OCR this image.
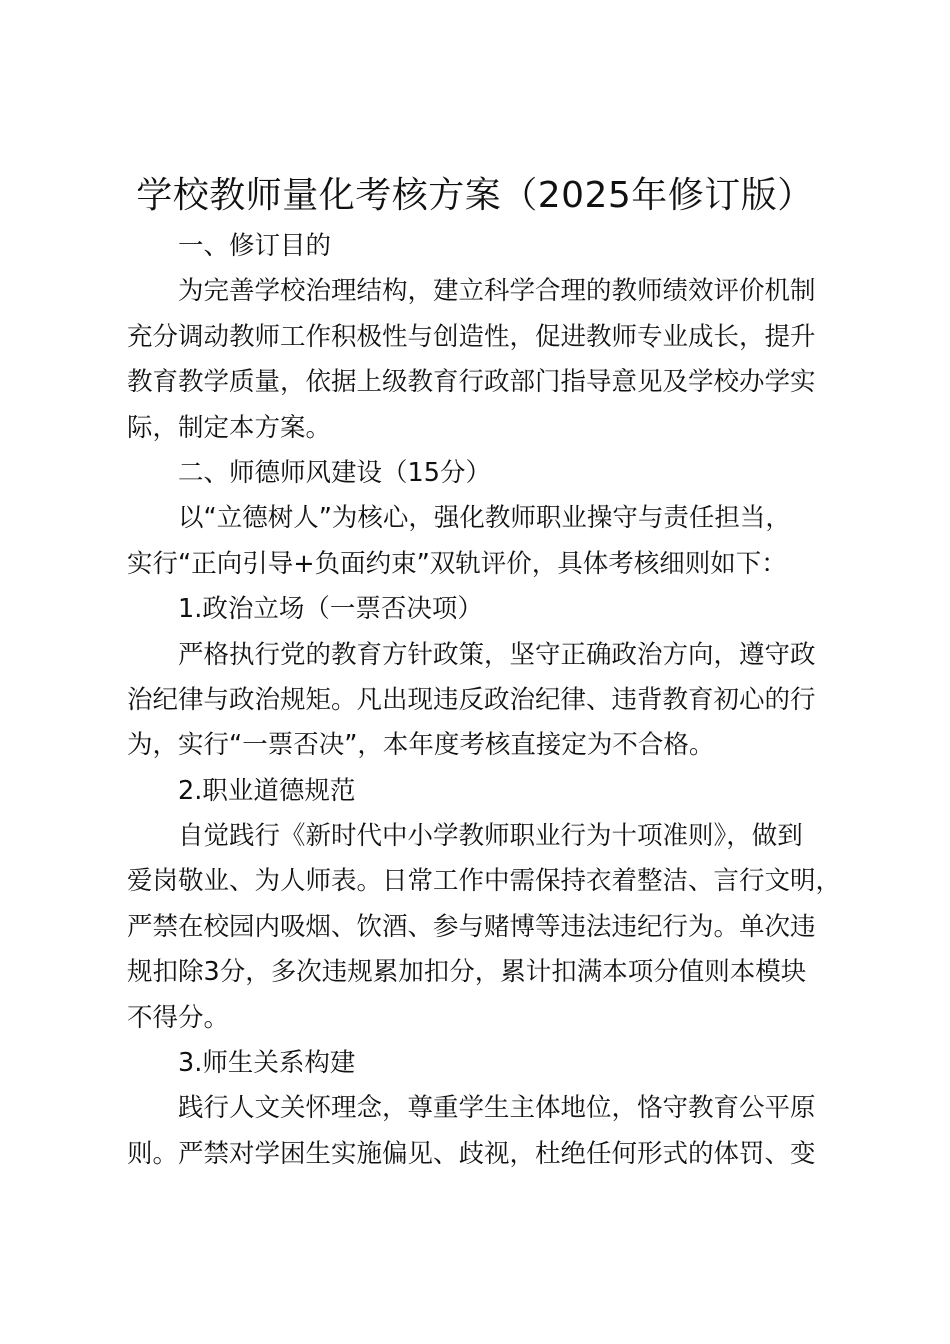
学校教师量化考核方案（2025年修订版）
一、修订目的
为完善学校治理结构，建立科学合理的教师绩效评价机制
充分调动教师工作积极性与创造性，促进教师专业成长，提升
教育教学质量，依据上级教育行政部门指导意见及学校办学实
际，制定本方案。
二、师德师风建设（15分）
以“立德树人”为核心，强化教师职业操守与责任担当，
实行“正向引导+负面约束”双轨评价，具体考核细则如下：
1.政治立场（一票否决项）
严格执行党的教育方针政策，坚守正确政治方向，遵守政
治纪律与政治规矩。凡出现违反政治纪律、违背教育初心的行
为，实行“一票否决”，本年度考核直接定为不合格。
2.职业道德规范
自觉践行《新时代中小学教师职业行为十项准则》，做到
爱岗敬业、为人师表。日常工作中需保持衣着整洁、言行文明，
严禁在校园内吸烟、饮酒、参与赌博等违法违纪行为。单次违
规扣除3分，多次违规累加扣分，累计扣满本项分值则本模块
不得分。
3.师生关系构建
践行人文关怀理念，尊重学生主体地位，恪守教育公平原
则。严禁对学困生实施偏见、歧视，杜绝任何形式的体罚、变
